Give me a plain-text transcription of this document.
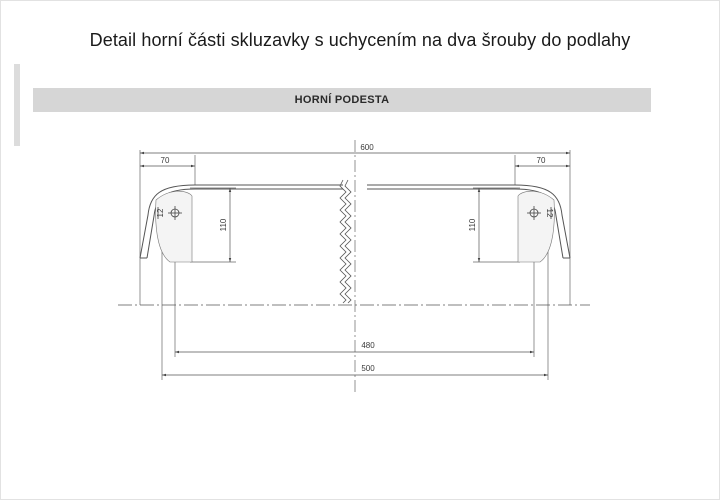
Detail horní části skluzavky s uchycením na dva šrouby do podlahy
HORNÍ PODESTA
600
70	70
110	110
12	12
480
500
